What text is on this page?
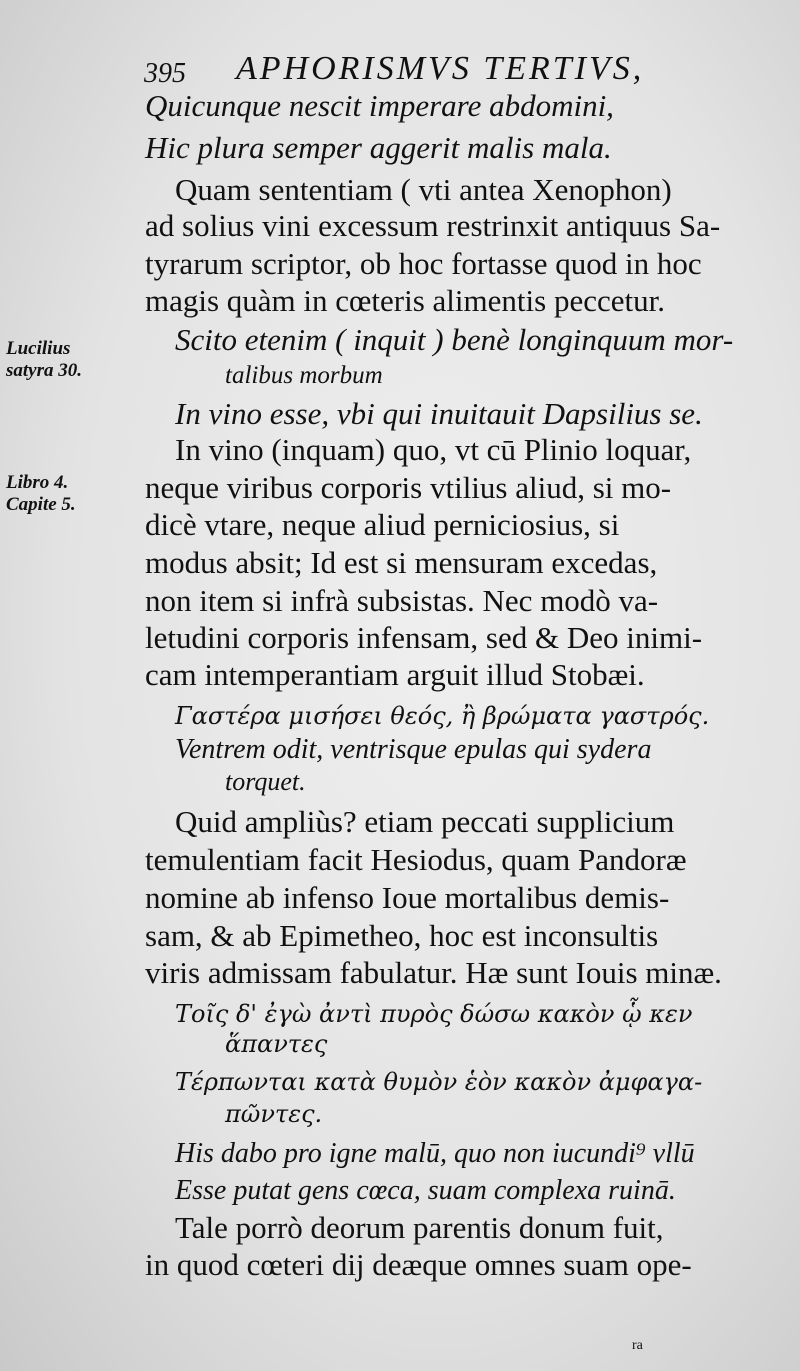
395 APHORISMVS TERTIVS,
Lucilius
satyra 30.
Libro 4.
Capite 5.
Quicunque nescit imperare abdomini,
Hic plura semper aggerit malis mala.
Quam sententiam ( vti antea Xenophon)
ad solius vini excessum restrinxit antiquus Sa-
tyrarum scriptor, ob hoc fortasse quod in hoc
magis quàm in cœteris alimentis peccetur.
Scito etenim ( inquit ) benè longinquum mor-
talibus morbum
In vino esse, vbi qui inuitauit Dapsilius se.
In vino (inquam) quo, vt cū Plinio loquar,
neque viribus corporis vtilius aliud, si mo-
dicè vtare, neque aliud perniciosius, si
modus absit; Id est si mensuram excedas,
non item si infrà subsistas. Nec modò va-
letudini corporis infensam, sed & Deo inimi-
cam intemperantiam arguit illud Stobæi.
Γαστέρα μισήσει θεός, ἢ βρώματα γαστρός.
Ventrem odit, ventrisque epulas qui sydera
torquet.
Quid ampliùs? etiam peccati supplicium
temulentiam facit Hesiodus, quam Pandoræ
nomine ab infenso Ioue mortalibus demis-
sam, & ab Epimetheo, hoc est inconsultis
viris admissam fabulatur. Hæ sunt Iouis minæ.
Τοῖς δ' ἐγὼ ἀντὶ πυρὸς δώσω κακὸν ᾧ κεν
ἅπαντες
Τέρπωνται κατὰ θυμὸν ἑὸν κακὸν ἀμφαγα-
πῶντες.
His dabo pro igne malū, quo non iucundi⁹ vllū
Esse putat gens cœca, suam complexa ruinā.
Tale porrò deorum parentis donum fuit,
in quod cœteri dij deæque omnes suam ope-
ra
